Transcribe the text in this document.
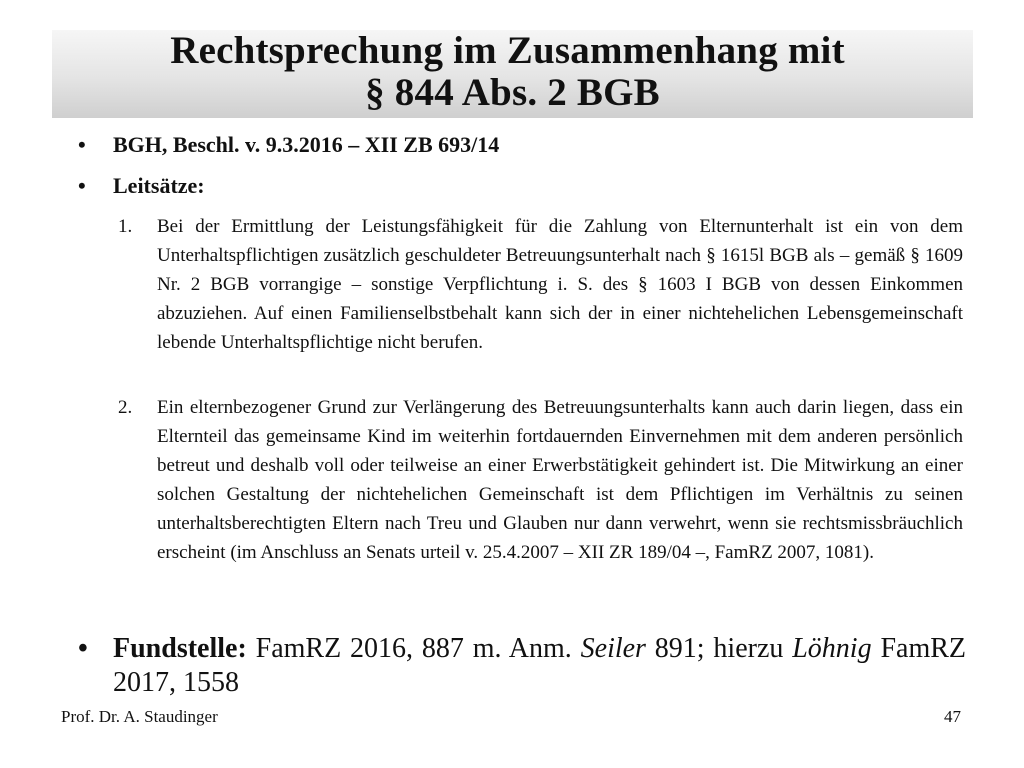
Rechtsprechung im Zusammenhang mit
§ 844 Abs. 2 BGB
•	BGH, Beschl. v. 9.3.2016 – XII ZB 693/14
•	Leitsätze:
1.	Bei der Ermittlung der Leistungsfähigkeit für die Zahlung von Elternunterhalt ist ein von dem Unterhaltspflichtigen zusätzlich geschuldeter Betreuungsunterhalt nach § 1615l BGB als – gemäß § 1609 Nr. 2 BGB vorrangige – sonstige Verpflichtung i. S. des § 1603 I BGB von dessen Einkommen abzuziehen. Auf einen Familienselbstbehalt kann sich der in einer nichtehelichen Lebensgemeinschaft lebende Unterhaltspflichtige nicht berufen.
2.	Ein elternbezogener Grund zur Verlängerung des Betreuungsunterhalts kann auch darin liegen, dass ein Elternteil das gemeinsame Kind im weiterhin fortdauernden Einvernehmen mit dem anderen persönlich betreut und deshalb voll oder teilweise an einer Erwerbstätigkeit gehindert ist. Die Mitwirkung an einer solchen Gestaltung der nichtehelichen Gemeinschaft ist dem Pflichtigen im Verhältnis zu seinen unterhaltsberechtigten Eltern nach Treu und Glauben nur dann verwehrt, wenn sie rechtsmissbräuchlich erscheint (im Anschluss an Senats urteil v. 25.4.2007 – XII ZR 189/04 –, FamRZ 2007, 1081).
• Fundstelle: FamRZ 2016, 887 m. Anm. Seiler 891; hierzu Löhnig FamRZ 2017, 1558
Prof. Dr. A. Staudinger	47
